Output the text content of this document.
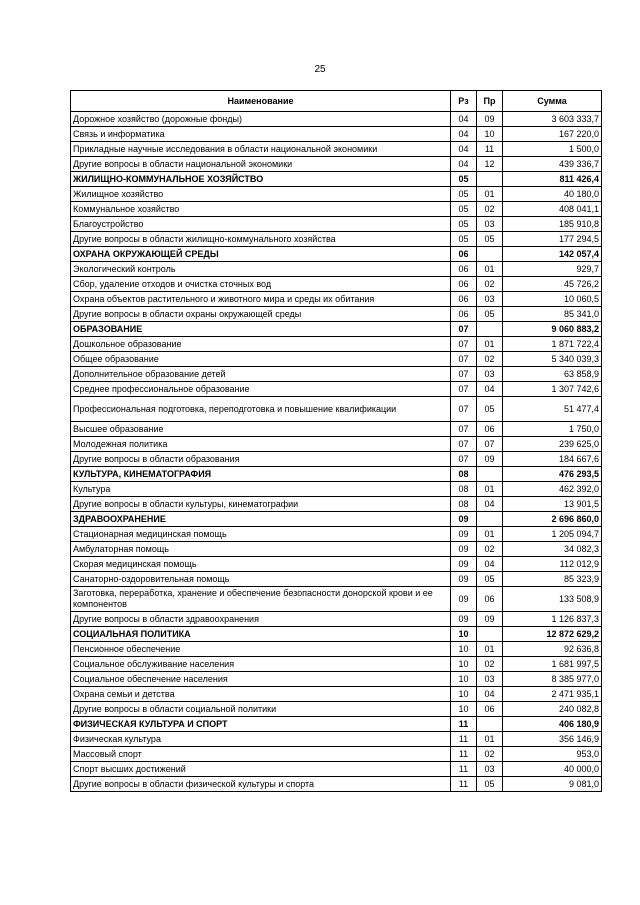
25
Наименование	Рз	Пр	Сумма
Дорожное хозяйство (дорожные фонды)	04	09	3 603 333,7
Связь и информатика	04	10	167 220,0
Прикладные научные исследования в области национальной экономики	04	11	1 500,0
Другие вопросы в области национальной экономики	04	12	439 336,7
ЖИЛИЩНО-КОММУНАЛЬНОЕ ХОЗЯЙСТВО	05		811 426,4
Жилищное хозяйство	05	01	40 180,0
Коммунальное хозяйство	05	02	408 041,1
Благоустройство	05	03	185 910,8
Другие вопросы в области жилищно-коммунального хозяйства	05	05	177 294,5
ОХРАНА ОКРУЖАЮЩЕЙ СРЕДЫ	06		142 057,4
Экологический контроль	06	01	929,7
Сбор, удаление отходов и очистка сточных вод	06	02	45 726,2
Охрана объектов растительного и животного мира и среды их обитания	06	03	10 060,5
Другие вопросы в области охраны окружающей среды	06	05	85 341,0
ОБРАЗОВАНИЕ	07		9 060 883,2
Дошкольное образование	07	01	1 871 722,4
Общее образование	07	02	5 340 039,3
Дополнительное образование детей	07	03	63 858,9
Среднее профессиональное образование	07	04	1 307 742,6
Профессиональная подготовка, переподготовка и повышение квалификации	07	05	51 477,4
Высшее образование	07	06	1 750,0
Молодежная политика	07	07	239 625,0
Другие вопросы в области образования	07	09	184 667,6
КУЛЬТУРА, КИНЕМАТОГРАФИЯ	08		476 293,5
Культура	08	01	462 392,0
Другие вопросы в области культуры, кинематографии	08	04	13 901,5
ЗДРАВООХРАНЕНИЕ	09		2 696 860,0
Стационарная медицинская помощь	09	01	1 205 094,7
Амбулаторная помощь	09	02	34 082,3
Скорая медицинская помощь	09	04	112 012,9
Санаторно-оздоровительная помощь	09	05	85 323,9
Заготовка, переработка, хранение и обеспечение безопасности донорской крови и ее компонентов	09	06	133 508,9
Другие вопросы в области здравоохранения	09	09	1 126 837,3
СОЦИАЛЬНАЯ ПОЛИТИКА	10		12 872 629,2
Пенсионное обеспечение	10	01	92 636,8
Социальное обслуживание населения	10	02	1 681 997,5
Социальное обеспечение населения	10	03	8 385 977,0
Охрана семьи и детства	10	04	2 471 935,1
Другие вопросы в области социальной политики	10	06	240 082,8
ФИЗИЧЕСКАЯ КУЛЬТУРА И СПОРТ	11		406 180,9
Физическая культура	11	01	356 146,9
Массовый спорт	11	02	953,0
Спорт высших достижений	11	03	40 000,0
Другие вопросы в области физической культуры и спорта	11	05	9 081,0
